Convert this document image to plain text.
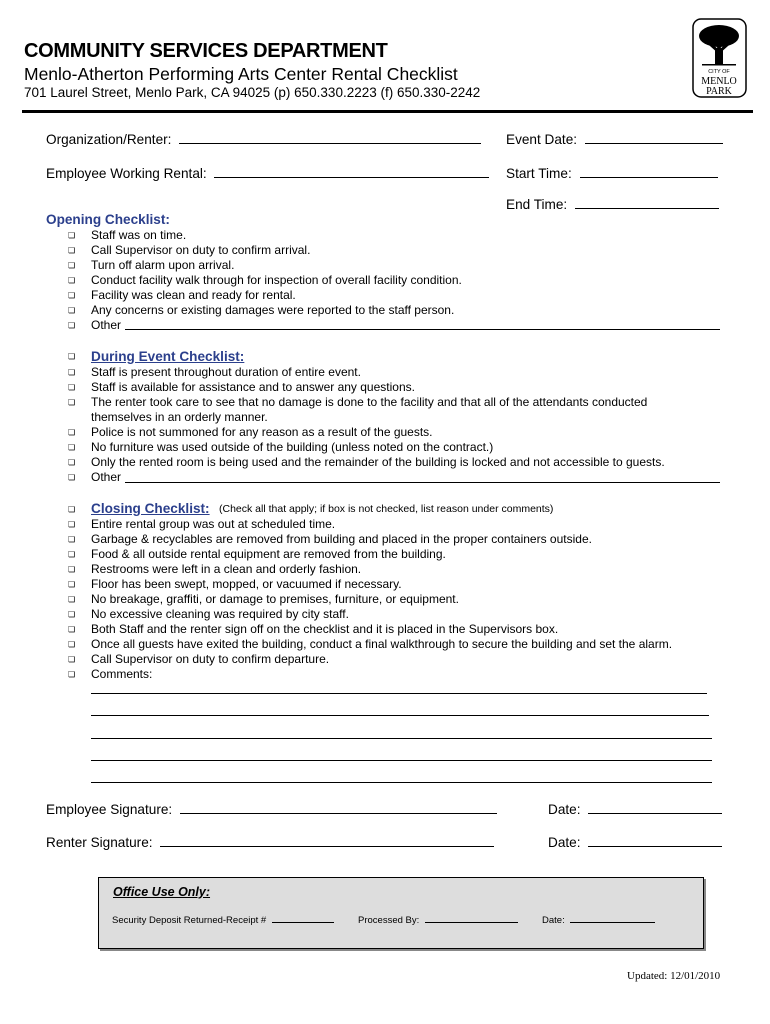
COMMUNITY SERVICES DEPARTMENT
Menlo-Atherton Performing Arts Center Rental Checklist
701 Laurel Street, Menlo Park, CA 94025 (p) 650.330.2223 (f) 650.330-2242
CITY OF
MENLO
PARK
Organization/Renter:
Employee Working Rental:
Event Date:
Start Time:
End Time:
Opening Checklist:
❏ Staff was on time.
❏ Call Supervisor on duty to confirm arrival.
❏ Turn off alarm upon arrival.
❏ Conduct facility walk through for inspection of overall facility condition.
❏ Facility was clean and ready for rental.
❏ Any concerns or existing damages were reported to the staff person.
❏ Other
❏ During Event Checklist:
❏ Staff is present throughout duration of entire event.
❏ Staff is available for assistance and to answer any questions.
❏ The renter took care to see that no damage is done to the facility and that all of the attendants conducted
themselves in an orderly manner.
❏ Police is not summoned for any reason as a result of the guests.
❏ No furniture was used outside of the building (unless noted on the contract.)
❏ Only the rented room is being used and the remainder of the building is locked and not accessible to guests.
❏ Other
❏ Closing Checklist: (Check all that apply; if box is not checked, list reason under comments)
❏ Entire rental group was out at scheduled time.
❏ Garbage & recyclables are removed from building and placed in the proper containers outside.
❏ Food & all outside rental equipment are removed from the building.
❏ Restrooms were left in a clean and orderly fashion.
❏ Floor has been swept, mopped, or vacuumed if necessary.
❏ No breakage, graffiti, or damage to premises, furniture, or equipment.
❏ No excessive cleaning was required by city staff.
❏ Both Staff and the renter sign off on the checklist and it is placed in the Supervisors box.
❏ Once all guests have exited the building, conduct a final walkthrough to secure the building and set the alarm.
❏ Call Supervisor on duty to confirm departure.
❏ Comments:
Employee Signature:	Date:
Renter Signature:	Date:
Office Use Only:
Security Deposit Returned-Receipt #	Processed By:	Date:
Updated: 12/01/2010
